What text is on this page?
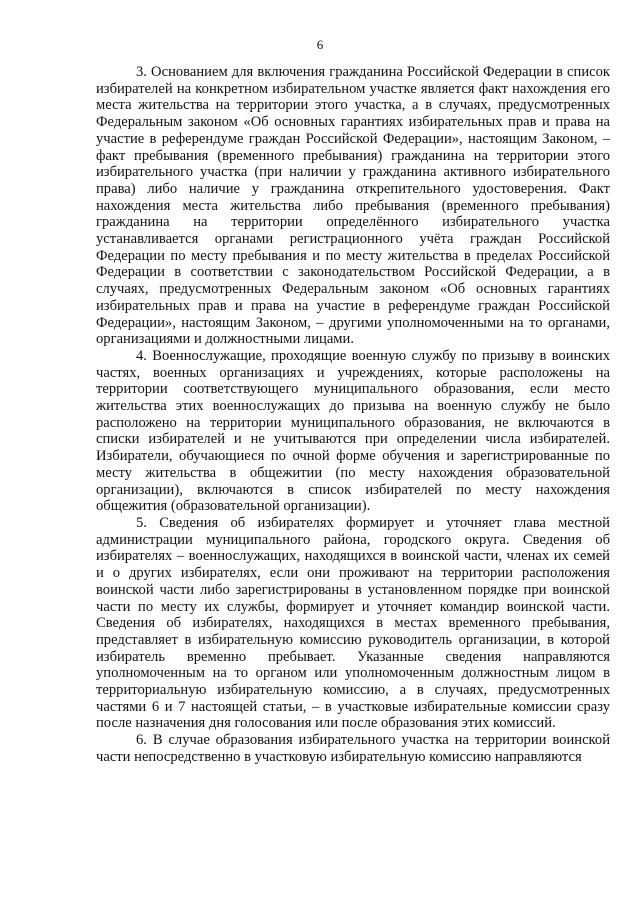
6

3. Основанием для включения гражданина Российской Федерации в список избирателей на конкретном избирательном участке является факт нахождения его места жительства на территории этого участка, а в случаях, предусмотренных Федеральным законом «Об основных гарантиях избирательных прав и права на участие в референдуме граждан Российской Федерации», настоящим Законом, – факт пребывания (временного пребывания) гражданина на территории этого избирательного участка (при наличии у гражданина активного избирательного права) либо наличие у гражданина открепительного удостоверения. Факт нахождения места жительства либо пребывания (временного пребывания) гражданина на территории определённого избирательного участка устанавливается органами регистрационного учёта граждан Российской Федерации по месту пребывания и по месту жительства в пределах Российской Федерации в соответствии с законодательством Российской Федерации, а в случаях, предусмотренных Федеральным законом «Об основных гарантиях избирательных прав и права на участие в референдуме граждан Российской Федерации», настоящим Законом, – другими уполномоченными на то органами, организациями и должностными лицами.

4. Военнослужащие, проходящие военную службу по призыву в воинских частях, военных организациях и учреждениях, которые расположены на территории соответствующего муниципального образования, если место жительства этих военнослужащих до призыва на военную службу не было расположено на территории муниципального образования, не включаются в списки избирателей и не учитываются при определении числа избирателей. Избиратели, обучающиеся по очной форме обучения и зарегистрированные по месту жительства в общежитии (по месту нахождения образовательной организации), включаются в список избирателей по месту нахождения общежития (образовательной организации).

5. Сведения об избирателях формирует и уточняет глава местной администрации муниципального района, городского округа. Сведения об избирателях – военнослужащих, находящихся в воинской части, членах их семей и о других избирателях, если они проживают на территории расположения воинской части либо зарегистрированы в установленном порядке при воинской части по месту их службы, формирует и уточняет командир воинской части. Сведения об избирателях, находящихся в местах временного пребывания, представляет в избирательную комиссию руководитель организации, в которой избиратель временно пребывает. Указанные сведения направляются уполномоченным на то органом или уполномоченным должностным лицом в территориальную избирательную комиссию, а в случаях, предусмотренных частями 6 и 7 настоящей статьи, – в участковые избирательные комиссии сразу после назначения дня голосования или после образования этих комиссий.

6. В случае образования избирательного участка на территории воинской части непосредственно в участковую избирательную комиссию направляются
